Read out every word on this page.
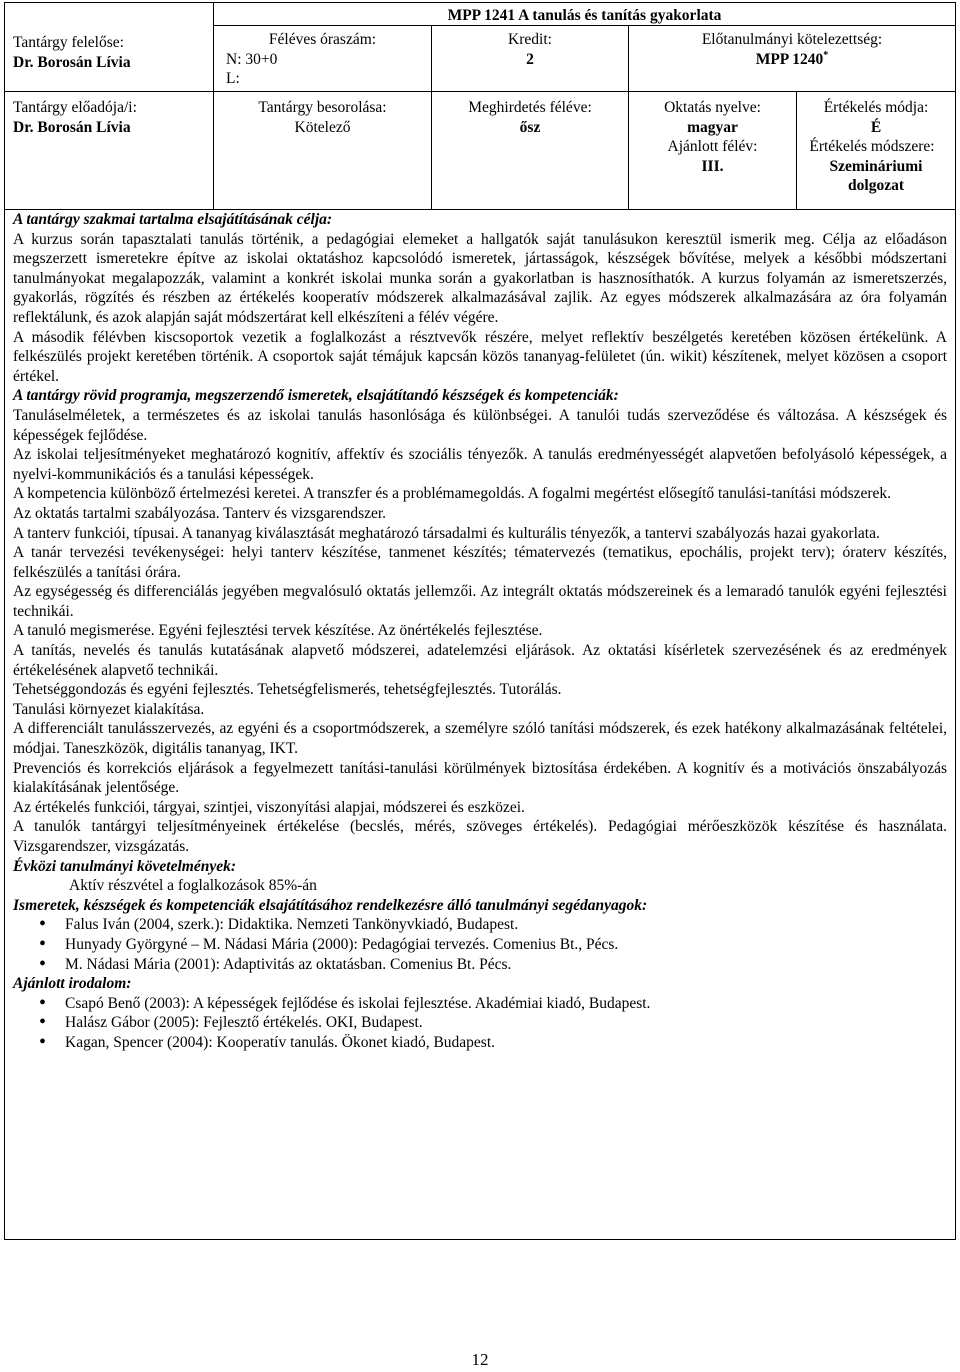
MPP 1241 A tanulás és tanítás gyakorlata
Tantárgy felelőse:
Dr. Borosán Lívia
Tantárgy előadója/i:
Dr. Borosán Lívia
Féléves óraszám:
N: 30+0
L:
Tantárgy besorolása:
Kötelező
Kredit:
2
Meghirdetés féléve:
ősz
Előtanulmányi kötelezettség:
MPP 1240*
Oktatás nyelve:
magyar
Ajánlott félév:
III.
Értékelés módja:
É
Értékelés módszere:
Szemináriumi dolgozat

A tantárgy szakmai tartalma elsajátításának célja:

A kurzus során tapasztalati tanulás történik, a pedagógiai elemeket a hallgatók saját tanulásukon keresztül ismerik meg. Célja az előadáson megszerzett ismeretekre építve az iskolai oktatáshoz kapcsolódó ismeretek, jártasságok, készségek bővítése, melyek a későbbi módszertani tanulmányokat megalapozzák, valamint a konkrét iskolai munka során a gyakorlatban is hasznosíthatók. A kurzus folyamán az ismeretszerzés, gyakorlás, rögzítés és részben az értékelés kooperatív módszerek alkalmazásával zajlik. Az egyes módszerek alkalmazására az óra folyamán reflektálunk, és azok alapján saját módszertárat kell elkészíteni a félév végére.

A második félévben kiscsoportok vezetik a foglalkozást a résztvevők részére, melyet reflektív beszélgetés keretében közösen értékelünk. A felkészülés projekt keretében történik. A csoportok saját témájuk kapcsán közös tananyag-felületet (ún. wikit) készítenek, melyet közösen a csoport értékel.

A tantárgy rövid programja, megszerzendő ismeretek, elsajátítandó készségek és kompetenciák:

Tanuláselméletek, a természetes és az iskolai tanulás hasonlósága és különbségei. A tanulói tudás szerveződése és változása. A készségek és képességek fejlődése.

Az iskolai teljesítményeket meghatározó kognitív, affektív és szociális tényezők. A tanulás eredményességét alapvetően befolyásoló képességek, a nyelvi-kommunikációs és a tanulási képességek.

A kompetencia különböző értelmezési keretei. A transzfer és a problémamegoldás. A fogalmi megértést elősegítő tanulási-tanítási módszerek.

Az oktatás tartalmi szabályozása. Tanterv és vizsgarendszer.

A tanterv funkciói, típusai. A tananyag kiválasztását meghatározó társadalmi és kulturális tényezők, a tantervi szabályozás hazai gyakorlata.

A tanár tervezési tevékenységei: helyi tanterv készítése, tanmenet készítés; tématervezés (tematikus, epochális, projekt terv); óraterv készítés, felkészülés a tanítási órára.

Az egységesség és differenciálás jegyében megvalósuló oktatás jellemzői. Az integrált oktatás módszereinek és a lemaradó tanulók egyéni fejlesztési technikái.

A tanuló megismerése. Egyéni fejlesztési tervek készítése. Az önértékelés fejlesztése.

A tanítás, nevelés és tanulás kutatásának alapvető módszerei, adatelemzési eljárások. Az oktatási kísérletek szervezésének és az eredmények értékelésének alapvető technikái.

Tehetséggondozás és egyéni fejlesztés. Tehetségfelismerés, tehetségfejlesztés. Tutorálás.

Tanulási környezet kialakítása.

A differenciált tanulásszervezés, az egyéni és a csoportmódszerek, a személyre szóló tanítási módszerek, és ezek hatékony alkalmazásának feltételei, módjai. Taneszközök, digitális tananyag, IKT.

Prevenciós és korrekciós eljárások a fegyelmezett tanítási-tanulási körülmények biztosítása érdekében. A kognitív és a motivációs önszabályozás kialakításának jelentősége.

Az értékelés funkciói, tárgyai, szintjei, viszonyítási alapjai, módszerei és eszközei.

A tanulók tantárgyi teljesítményeinek értékelése (becslés, mérés, szöveges értékelés). Pedagógiai mérőeszközök készítése és használata. Vizsgarendszer, vizsgázatás.

Évközi tanulmányi követelmények:

Aktív részvétel a foglalkozások 85%-án

Ismeretek, készségek és kompetenciák elsajátításához rendelkezésre álló tanulmányi segédanyagok:

• Falus Iván (2004, szerk.): Didaktika. Nemzeti Tankönyvkiadó, Budapest.
• Hunyady Györgyné – M. Nádasi Mária (2000): Pedagógiai tervezés. Comenius Bt., Pécs.
• M. Nádasi Mária (2001): Adaptivitás az oktatásban. Comenius Bt. Pécs.

Ajánlott irodalom:

• Csapó Benő (2003): A képességek fejlődése és iskolai fejlesztése. Akadémiai kiadó, Budapest.
• Halász Gábor (2005): Fejlesztő értékelés. OKI, Budapest.
• Kagan, Spencer (2004): Kooperatív tanulás. Ökonet kiadó, Budapest.
12
